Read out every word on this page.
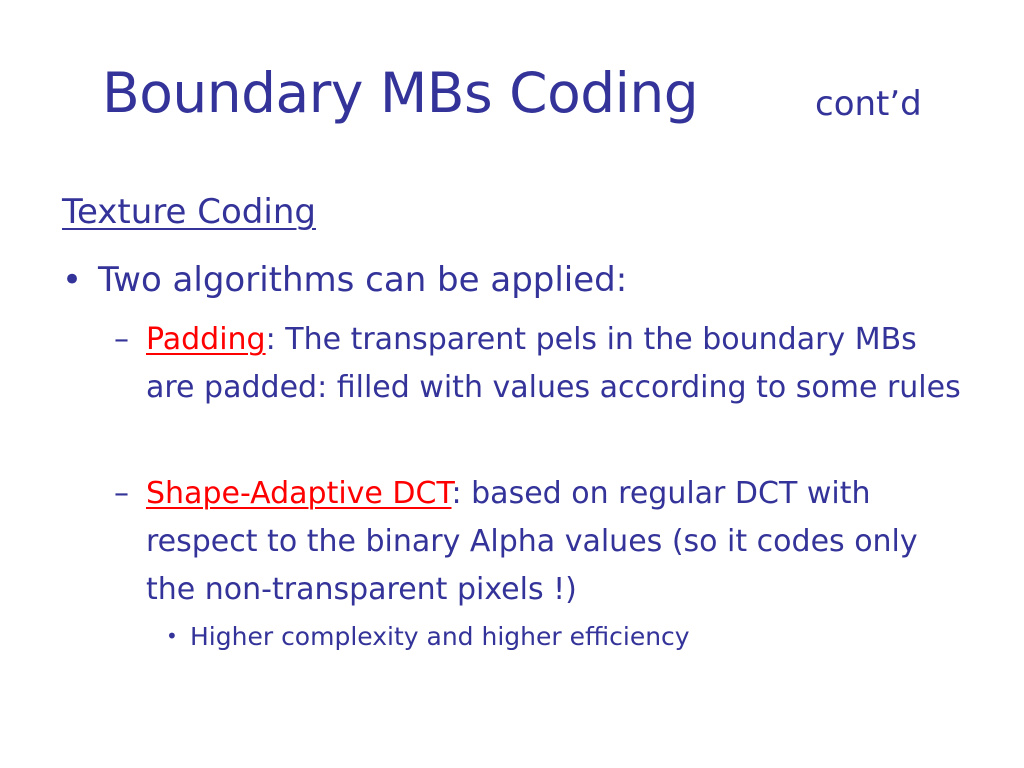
Boundary MBs Coding	cont’d
Texture Coding
• Two algorithms can be applied:
– Padding: The transparent pels in the boundary MBs are padded: filled with values according to some rules
– Shape-Adaptive DCT: based on regular DCT with respect to the binary Alpha values (so it codes only the non-transparent pixels !)
• Higher complexity and higher efficiency
